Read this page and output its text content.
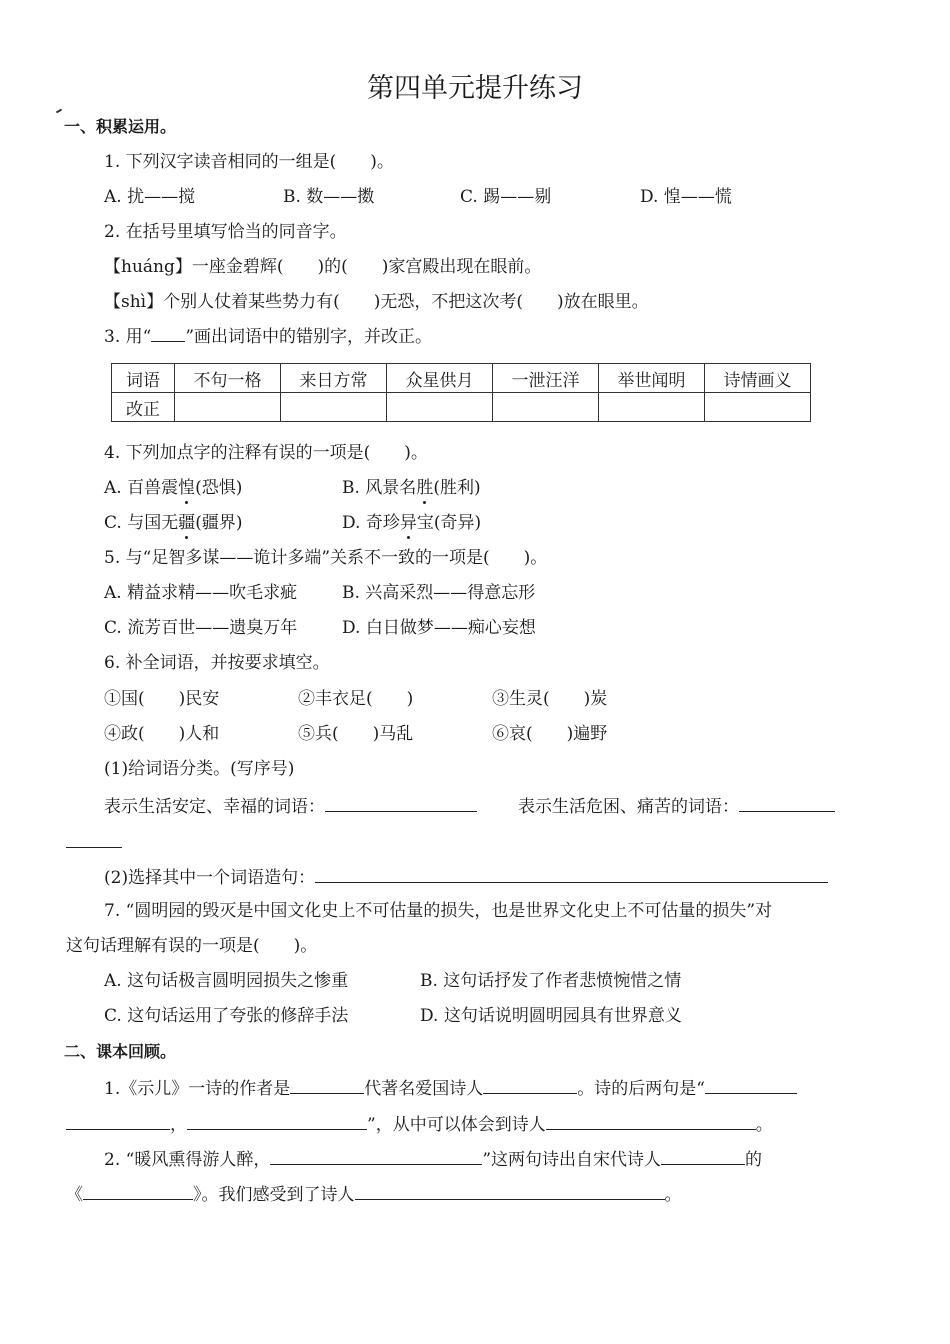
第四单元提升练习
一、积累运用。
1. 下列汉字读音相同的一组是(　　)。
A. 扰——搅	B. 数——擞	C. 踢——剔	D. 惶——慌
2. 在括号里填写恰当的同音字。
【huáng】一座金碧辉(　　)的(　　)家宫殿出现在眼前。
【shì】个别人仗着某些势力有(　　)无恐，不把这次考(　　)放在眼里。
3. 用“ ”画出词语中的错别字，并改正。
词语	不句一格	来日方常	众星供月	一泄汪洋	举世闻明	诗情画义
改正						
4. 下列加点字的注释有误的一项是(　　)。
A. 百兽震惶(恐惧)	B. 风景名胜(胜利)
C. 与国无疆(疆界)	D. 奇珍异宝(奇异)
5. 与“足智多谋——诡计多端”关系不一致的一项是(　　)。
A. 精益求精——吹毛求疵	B. 兴高采烈——得意忘形
C. 流芳百世——遗臭万年	D. 白日做梦——痴心妄想
6. 补全词语，并按要求填空。
①国(　　)民安	②丰衣足(　　)	③生灵(　　)炭
④政(　　)人和	⑤兵(　　)马乱	⑥哀(　　)遍野
(1)给词语分类。(写序号)
表示生活安定、幸福的词语：	表示生活危困、痛苦的词语：
(2)选择其中一个词语造句：
7. “圆明园的毁灭是中国文化史上不可估量的损失，也是世界文化史上不可估量的损失”对
这句话理解有误的一项是(　　)。
A. 这句话极言圆明园损失之惨重	B. 这句话抒发了作者悲愤惋惜之情
C. 这句话运用了夸张的修辞手法	D. 这句话说明圆明园具有世界意义
二、课本回顾。
1.《示儿》一诗的作者是	代著名爱国诗人	。诗的后两句是“
，	”，从中可以体会到诗人	。
2. “暖风熏得游人醉，	”这两句诗出自宋代诗人	的
《	》。我们感受到了诗人	。
